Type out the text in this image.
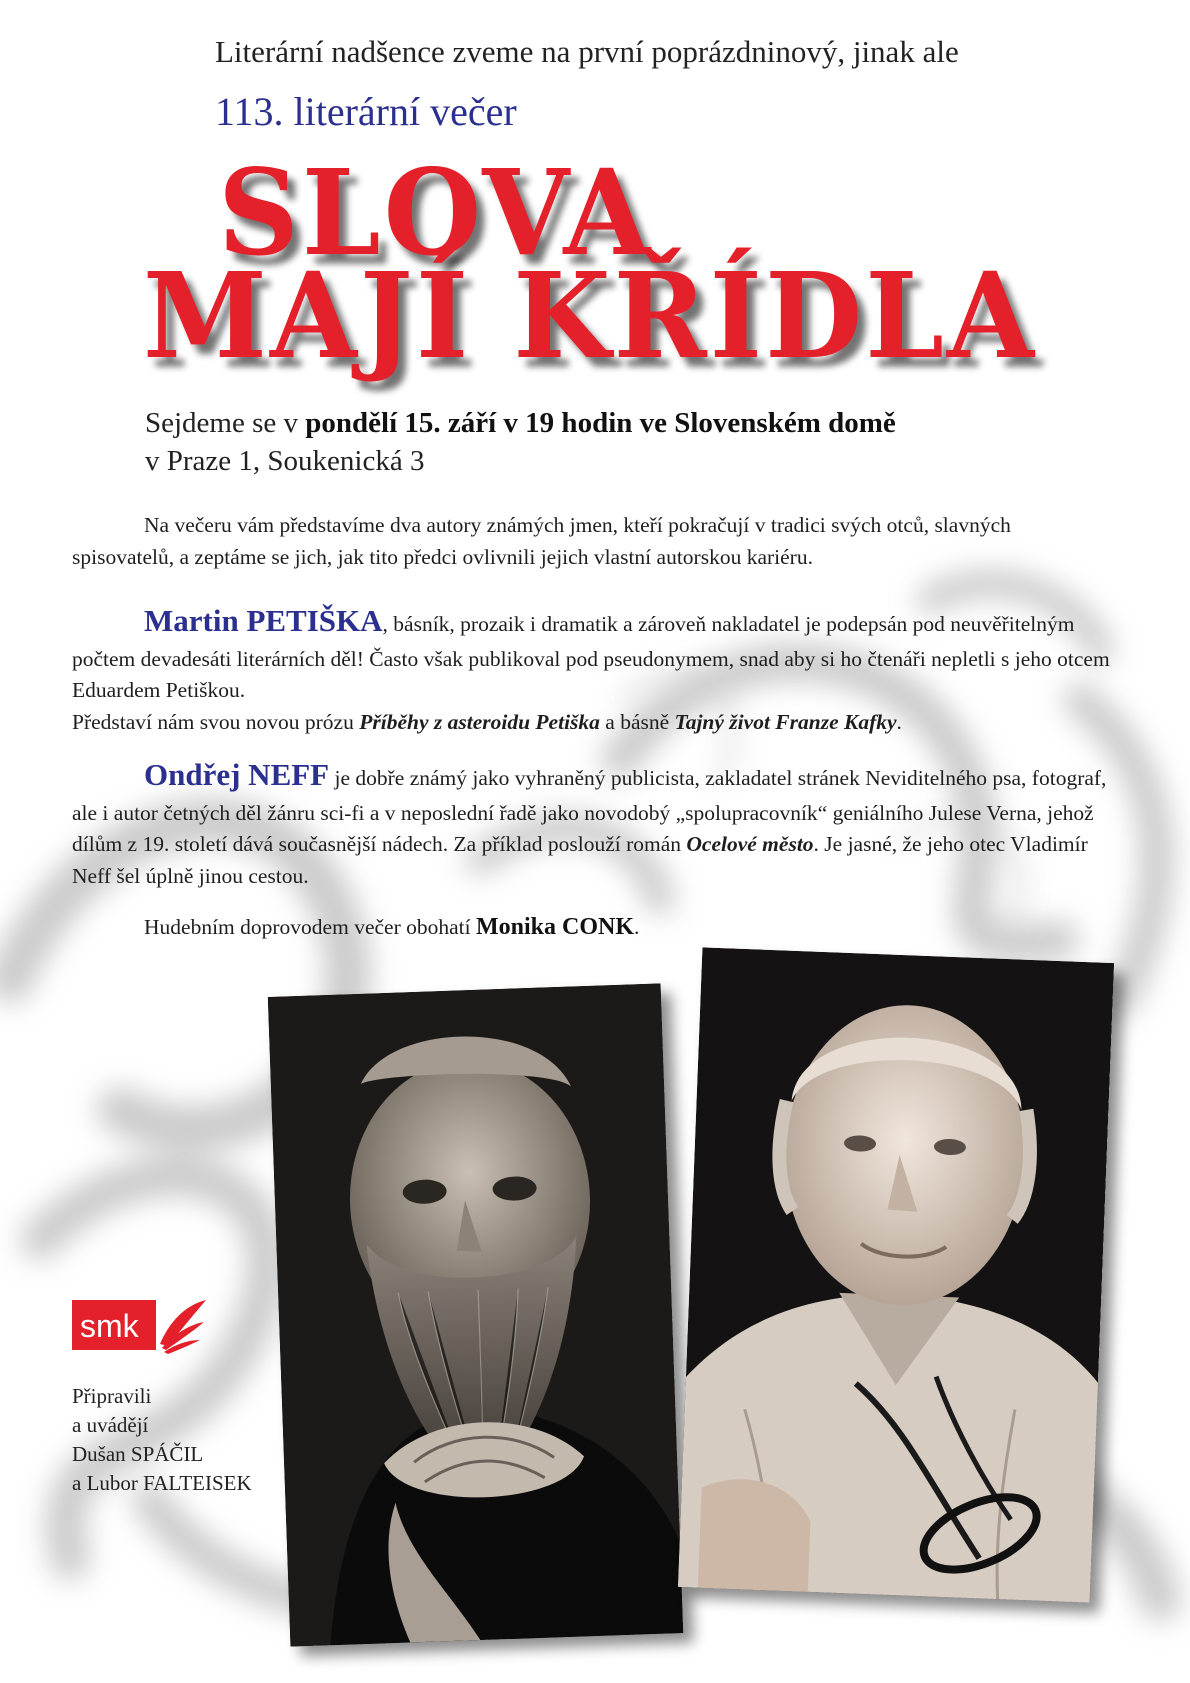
Literární nadšence zveme na první poprázdninový, jinak ale
113. literární večer
SLOVA
MAJÍ KŘÍDLA
Sejdeme se v pondělí 15. září v 19 hodin ve Slovenském domě
v Praze 1, Soukenická 3
Na večeru vám představíme dva autory známých jmen, kteří pokračují v tradici svých otců, slavných spisovatelů, a zeptáme se jich, jak tito předci ovlivnili jejich vlastní autorskou kariéru.
Martin PETIŠKA, básník, prozaik i dramatik a zároveň nakladatel je podepsán pod neuvěřitelným počtem devadesáti literárních děl! Často však publikoval pod pseudonymem, snad aby si ho čtenáři nepletli s jeho otcem Eduardem Petiškou.
Představí nám svou novou prózu Příběhy z asteroidu Petiška a básně Tajný život Franze Kafky.
Ondřej NEFF je dobře známý jako vyhraněný publicista, zakladatel stránek Neviditelného psa, fotograf, ale i autor četných děl žánru sci-fi a v neposlední řadě jako novodobý „spolupracovník“ geniálního Julese Verna, jehož dílům z 19. století dává současnější nádech. Za příklad poslouží román Ocelové město. Je jasné, že jeho otec Vladimír Neff šel úplně jinou cestou.
Hudebním doprovodem večer obohatí Monika CONK.
smk
Připravili
a uvádějí
Dušan SPÁČIL
a Lubor FALTEISEK
